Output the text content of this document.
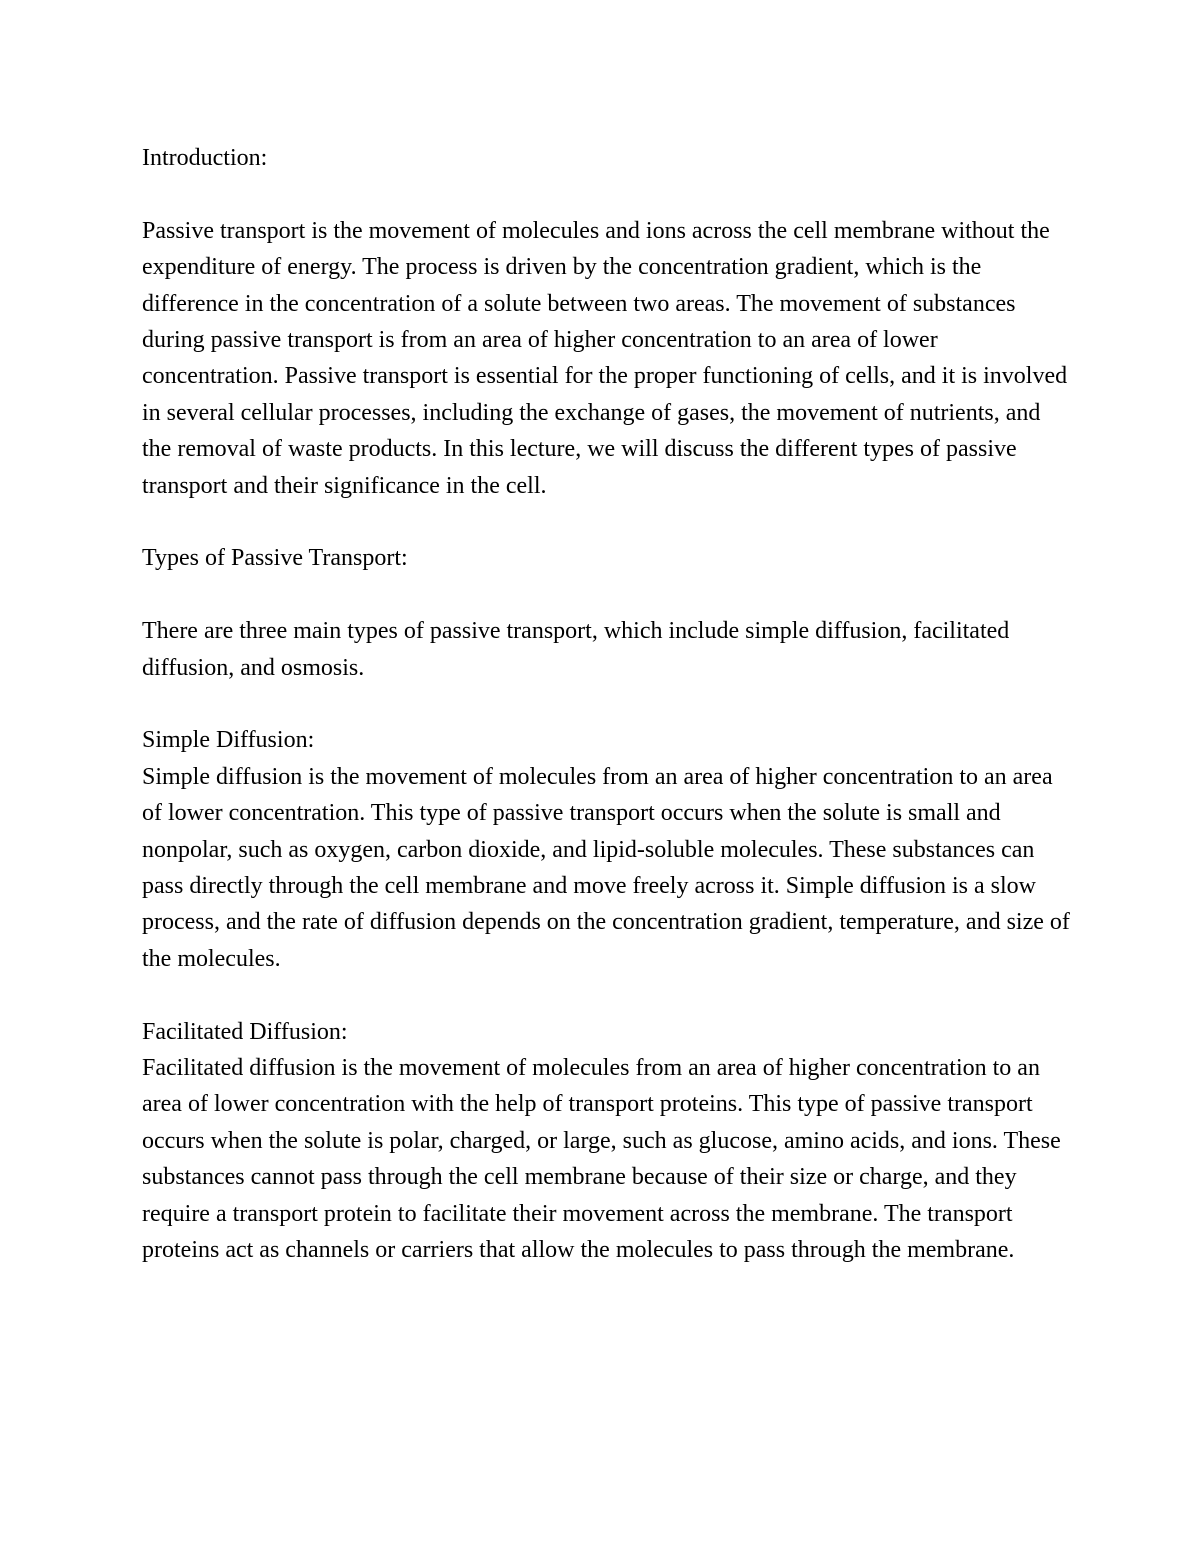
Introduction:

Passive transport is the movement of molecules and ions across the cell membrane without the expenditure of energy. The process is driven by the concentration gradient, which is the difference in the concentration of a solute between two areas. The movement of substances during passive transport is from an area of higher concentration to an area of lower concentration. Passive transport is essential for the proper functioning of cells, and it is involved in several cellular processes, including the exchange of gases, the movement of nutrients, and the removal of waste products. In this lecture, we will discuss the different types of passive transport and their significance in the cell.

Types of Passive Transport:

There are three main types of passive transport, which include simple diffusion, facilitated diffusion, and osmosis.

Simple Diffusion:

Simple diffusion is the movement of molecules from an area of higher concentration to an area of lower concentration. This type of passive transport occurs when the solute is small and nonpolar, such as oxygen, carbon dioxide, and lipid-soluble molecules. These substances can pass directly through the cell membrane and move freely across it. Simple diffusion is a slow process, and the rate of diffusion depends on the concentration gradient, temperature, and size of the molecules.

Facilitated Diffusion:

Facilitated diffusion is the movement of molecules from an area of higher concentration to an area of lower concentration with the help of transport proteins. This type of passive transport occurs when the solute is polar, charged, or large, such as glucose, amino acids, and ions. These substances cannot pass through the cell membrane because of their size or charge, and they require a transport protein to facilitate their movement across the membrane. The transport proteins act as channels or carriers that allow the molecules to pass through the membrane.
